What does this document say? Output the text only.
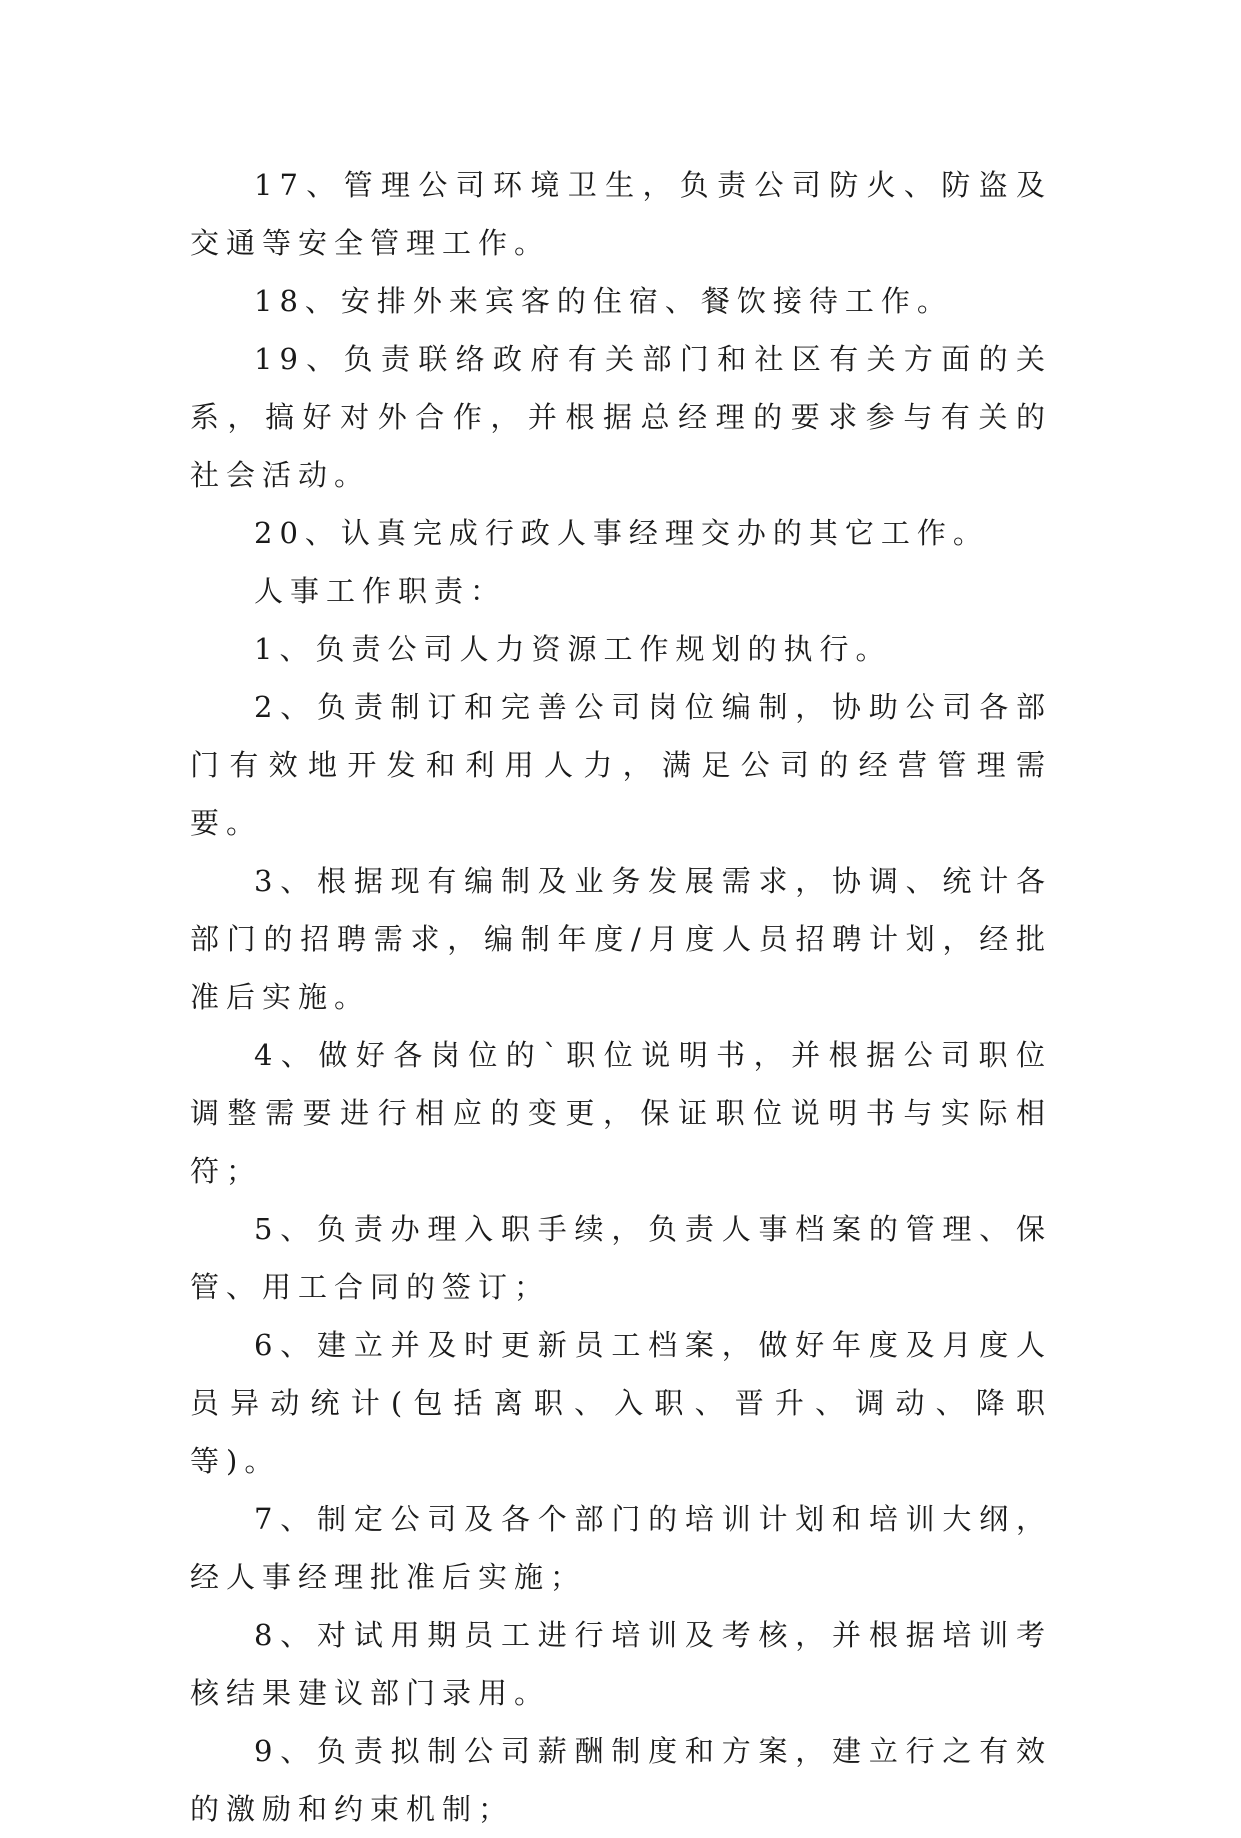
17、管理公司环境卫生，负责公司防火、防盗及交通等安全管理工作。

18、安排外来宾客的住宿、餐饮接待工作。

19、负责联络政府有关部门和社区有关方面的关系，搞好对外合作，并根据总经理的要求参与有关的社会活动。

20、认真完成行政人事经理交办的其它工作。

人事工作职责：

1、负责公司人力资源工作规划的执行。

2、负责制订和完善公司岗位编制，协助公司各部门有效地开发和利用人力，满足公司的经营管理需要。

3、根据现有编制及业务发展需求，协调、统计各部门的招聘需求，编制年度/月度人员招聘计划，经批准后实施。

4、做好各岗位的`职位说明书，并根据公司职位调整需要进行相应的变更，保证职位说明书与实际相符；

5、负责办理入职手续，负责人事档案的管理、保管、用工合同的签订；

6、建立并及时更新员工档案，做好年度及月度人员异动统计(包括离职、入职、晋升、调动、降职等)。

7、制定公司及各个部门的培训计划和培训大纲，经人事经理批准后实施；

8、对试用期员工进行培训及考核，并根据培训考核结果建议部门录用。

9、负责拟制公司薪酬制度和方案，建立行之有效的激励和约束机制；
